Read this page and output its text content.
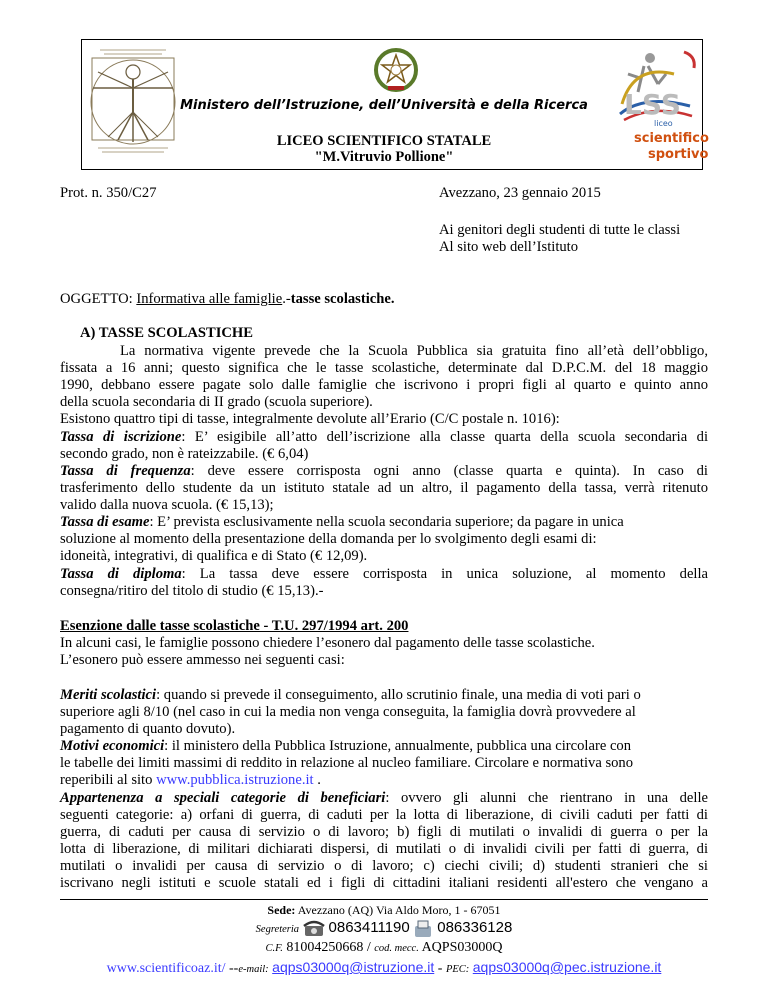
Ministero dell’Istruzione, dell’Università e della Ricerca
LICEO SCIENTIFICO STATALE
"M.Vitruvio Pollione"
LSS
liceo
scientifico
sportivo
Prot. n. 350/C27	Avezzano, 23 gennaio 2015
Ai genitori degli studenti di tutte le classi
Al sito web dell’Istituto
OGGETTO: Informativa alle famiglie.-tasse scolastiche.
A) TASSE SCOLASTICHE
La normativa vigente prevede che la Scuola Pubblica sia gratuita fino all’età dell’obbligo,
fissata a 16 anni; questo significa che le tasse scolastiche, determinate dal D.P.C.M. del 18 maggio
1990, debbano essere pagate solo dalle famiglie che iscrivono i propri figli al quarto e quinto anno
della scuola secondaria di II grado (scuola superiore).
Esistono quattro tipi di tasse, integralmente devolute all’Erario (C/C postale n. 1016):
Tassa di iscrizione: E’ esigibile all’atto dell’iscrizione alla classe quarta della scuola secondaria di
secondo grado, non è rateizzabile. (€ 6,04)
Tassa di frequenza: deve essere corrisposta ogni anno (classe quarta e quinta). In caso di
trasferimento dello studente da un istituto statale ad un altro, il pagamento della tassa, verrà ritenuto
valido dalla nuova scuola. (€ 15,13);
Tassa di esame: E’ prevista esclusivamente nella scuola secondaria superiore; da pagare in unica
soluzione al momento della presentazione della domanda per lo svolgimento degli esami di:
idoneità, integrativi, di qualifica e di Stato (€ 12,09).
Tassa di diploma: La tassa deve essere corrisposta in unica soluzione, al momento della
consegna/ritiro del titolo di studio (€ 15,13).-
Esenzione dalle tasse scolastiche - T.U. 297/1994 art. 200
In alcuni casi, le famiglie possono chiedere l’esonero dal pagamento delle tasse scolastiche.
L’esonero può essere ammesso nei seguenti casi:
Meriti scolastici: quando si prevede il conseguimento, allo scrutinio finale, una media di voti pari o
superiore agli 8/10 (nel caso in cui la media non venga conseguita, la famiglia dovrà provvedere al
pagamento di quanto dovuto).
Motivi economici: il ministero della Pubblica Istruzione, annualmente, pubblica una circolare con
le tabelle dei limiti massimi di reddito in relazione al nucleo familiare. Circolare e normativa sono
reperibili al sito www.pubblica.istruzione.it .
Appartenenza a speciali categorie di beneficiari: ovvero gli alunni che rientrano in una delle
seguenti categorie: a) orfani di guerra, di caduti per la lotta di liberazione, di civili caduti per fatti di
guerra, di caduti per causa di servizio o di lavoro; b) figli di mutilati o invalidi di guerra o per la
lotta di liberazione, di militari dichiarati dispersi, di mutilati o di invalidi civili per fatti di guerra, di
mutilati o invalidi per causa di servizio o di lavoro; c) ciechi civili; d) studenti stranieri che si
iscrivano negli istituti e scuole statali ed i figli di cittadini italiani residenti all'estero che vengano a
Sede: Avezzano (AQ) Via Aldo Moro, 1 - 67051
Segreteria 0863411190 086336128
C.F. 81004250668 / cod. mecc. AQPS03000Q
www.scientificoaz.it/ --e-mail: aqps03000q@istruzione.it - PEC: aqps03000q@pec.istruzione.it
